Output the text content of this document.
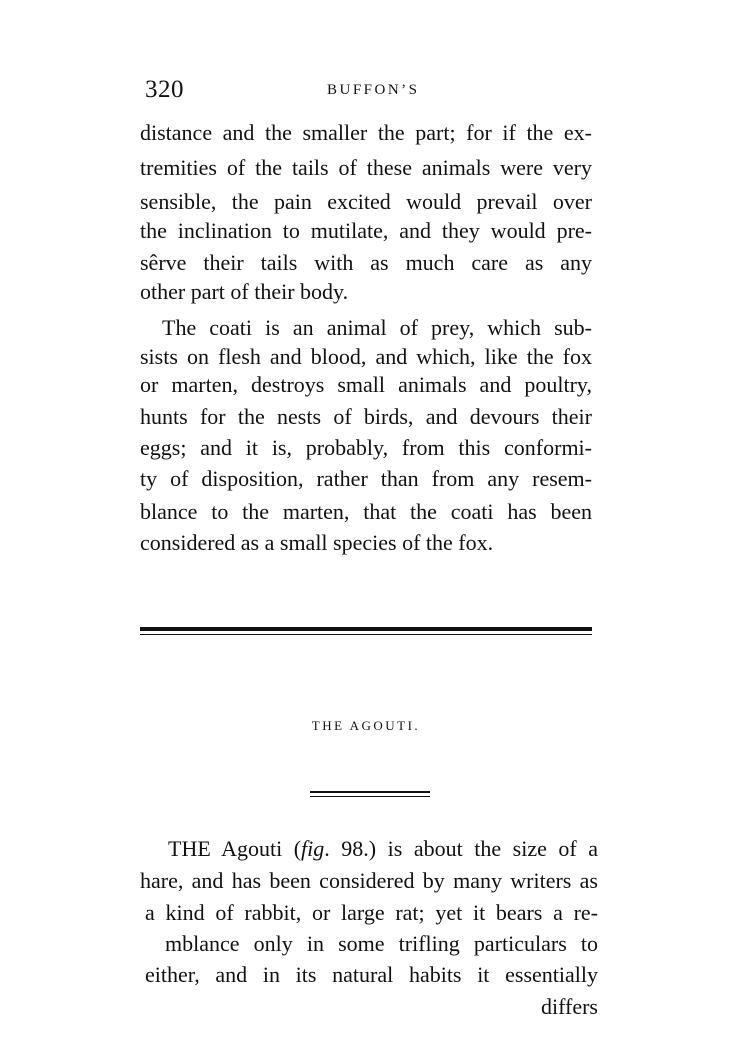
320	BUFFON’S
distance and the smaller the part; for if the ex-
tremities of the tails of these animals were very
sensible, the pain excited would prevail over
the inclination to mutilate, and they would pre-
sêrve their tails with as much care as any
other part of their body.
The coati is an animal of prey, which sub-
sists on flesh and blood, and which, like the fox
or marten, destroys small animals and poultry,
hunts for the nests of birds, and devours their
eggs; and it is, probably, from this conformi-
ty of disposition, rather than from any resem-
blance to the marten, that the coati has been
considered as a small species of the fox.
THE AGOUTI.
THE Agouti (fig. 98.) is about the size of a
hare, and has been considered by many writers as
a kind of rabbit, or large rat; yet it bears a re-
mblance only in some trifling particulars to
either, and in its natural habits it essentially
differs
